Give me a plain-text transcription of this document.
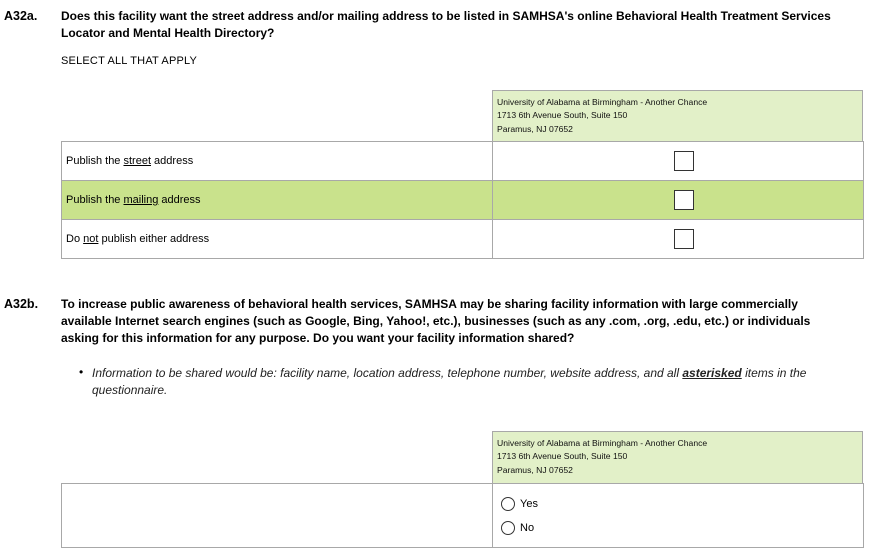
A32a. Does this facility want the street address and/or mailing address to be listed in SAMHSA's online Behavioral Health Treatment Services Locator and Mental Health Directory?
SELECT ALL THAT APPLY
University of Alabama at Birmingham - Another Chance
1713 6th Avenue South, Suite 150
Paramus, NJ 07652
Publish the street address	
Publish the mailing address	
Do not publish either address	
A32b. To increase public awareness of behavioral health services, SAMHSA may be sharing facility information with large commercially available Internet search engines (such as Google, Bing, Yahoo!, etc.), businesses (such as any .com, .org, .edu, etc.) or individuals asking for this information for any purpose. Do you want your facility information shared?
• Information to be shared would be: facility name, location address, telephone number, website address, and all asterisked items in the questionnaire.
University of Alabama at Birmingham - Another Chance
1713 6th Avenue South, Suite 150
Paramus, NJ 07652
Yes
No
